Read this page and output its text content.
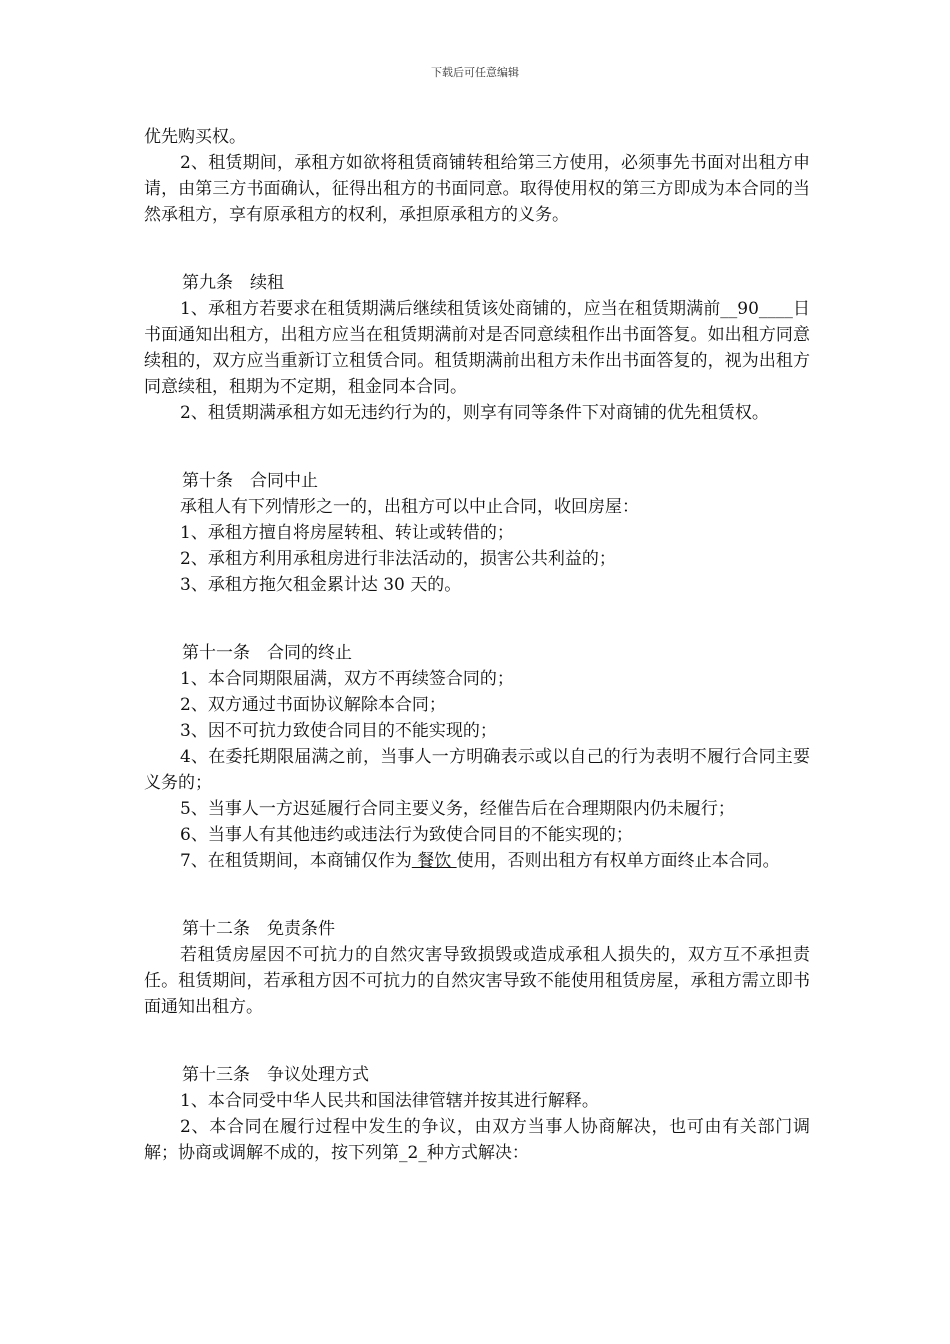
下载后可任意编辑

优先购买权。

2、租赁期间，承租方如欲将租赁商铺转租给第三方使用，必须事先书面对出租方申请，由第三方书面确认，征得出租方的书面同意。取得使用权的第三方即成为本合同的当然承租方，享有原承租方的权利，承担原承租方的义务。

第九条　续租

1、承租方若要求在租赁期满后继续租赁该处商铺的，应当在租赁期满前__90____日书面通知出租方，出租方应当在租赁期满前对是否同意续租作出书面答复。如出租方同意续租的，双方应当重新订立租赁合同。租赁期满前出租方未作出书面答复的，视为出租方同意续租，租期为不定期，租金同本合同。

2、租赁期满承租方如无违约行为的，则享有同等条件下对商铺的优先租赁权。

第十条　合同中止

承租人有下列情形之一的，出租方可以中止合同，收回房屋：

1、承租方擅自将房屋转租、转让或转借的；

2、承租方利用承租房进行非法活动的，损害公共利益的；

3、承租方拖欠租金累计达 30 天的。

第十一条　合同的终止

1、本合同期限届满，双方不再续签合同的；

2、双方通过书面协议解除本合同；

3、因不可抗力致使合同目的不能实现的；

4、在委托期限届满之前，当事人一方明确表示或以自己的行为表明不履行合同主要义务的；

5、当事人一方迟延履行合同主要义务，经催告后在合理期限内仍未履行；

6、当事人有其他违约或违法行为致使合同目的不能实现的；

7、在租赁期间，本商铺仅作为 餐饮 使用，否则出租方有权单方面终止本合同。

第十二条　免责条件

若租赁房屋因不可抗力的自然灾害导致损毁或造成承租人损失的，双方互不承担责任。租赁期间，若承租方因不可抗力的自然灾害导致不能使用租赁房屋，承租方需立即书面通知出租方。

第十三条　争议处理方式

1、本合同受中华人民共和国法律管辖并按其进行解释。

2、本合同在履行过程中发生的争议，由双方当事人协商解决，也可由有关部门调解；协商或调解不成的，按下列第_2_种方式解决：
